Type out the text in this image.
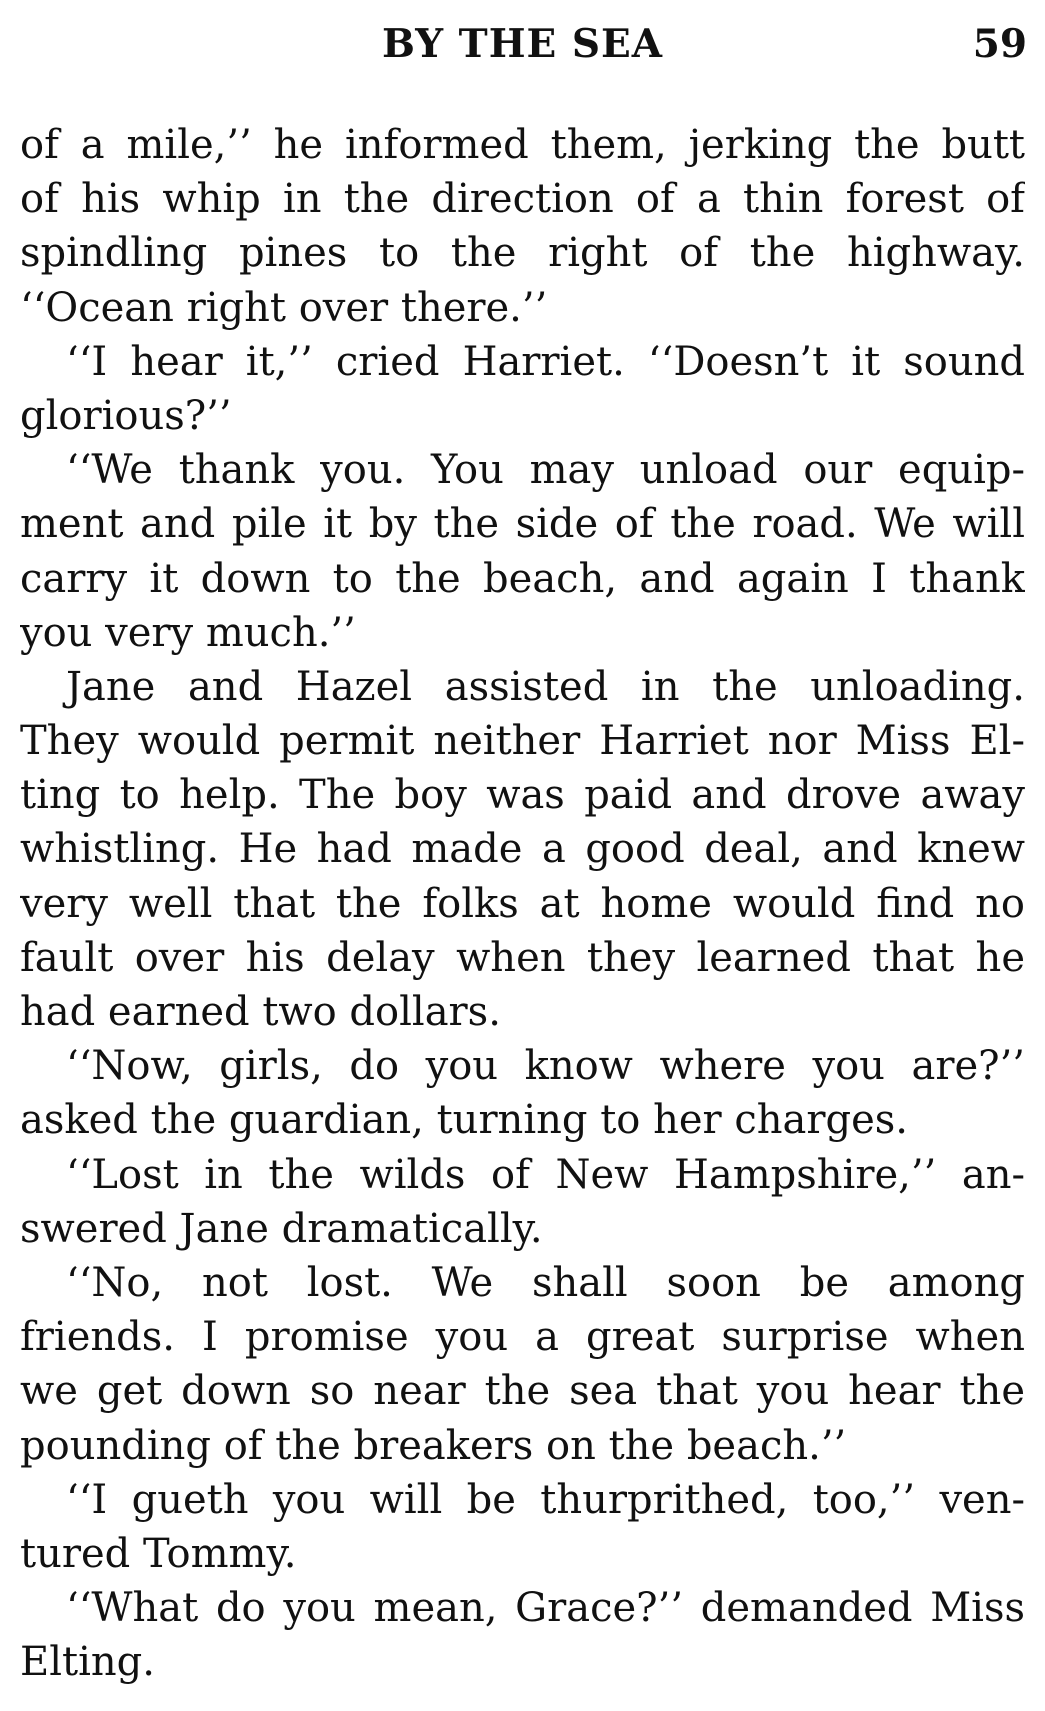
BY THE SEA	59
of a mile,’’ he informed them, jerking the butt
of his whip in the direction of a thin forest of
spindling pines to the right of the highway.
‘‘Ocean right over there.’’
‘‘I hear it,’’ cried Harriet. ‘‘Doesn’t it sound
glorious?’’
‘‘We thank you. You may unload our equip-
ment and pile it by the side of the road. We will
carry it down to the beach, and again I thank
you very much.’’
Jane and Hazel assisted in the unloading.
They would permit neither Harriet nor Miss El-
ting to help. The boy was paid and drove away
whistling. He had made a good deal, and knew
very well that the folks at home would find no
fault over his delay when they learned that he
had earned two dollars.
‘‘Now, girls, do you know where you are?’’
asked the guardian, turning to her charges.
‘‘Lost in the wilds of New Hampshire,’’ an-
swered Jane dramatically.
‘‘No, not lost. We shall soon be among
friends. I promise you a great surprise when
we get down so near the sea that you hear the
pounding of the breakers on the beach.’’
‘‘I gueth you will be thurprithed, too,’’ ven-
tured Tommy.
‘‘What do you mean, Grace?’’ demanded Miss
Elting.
